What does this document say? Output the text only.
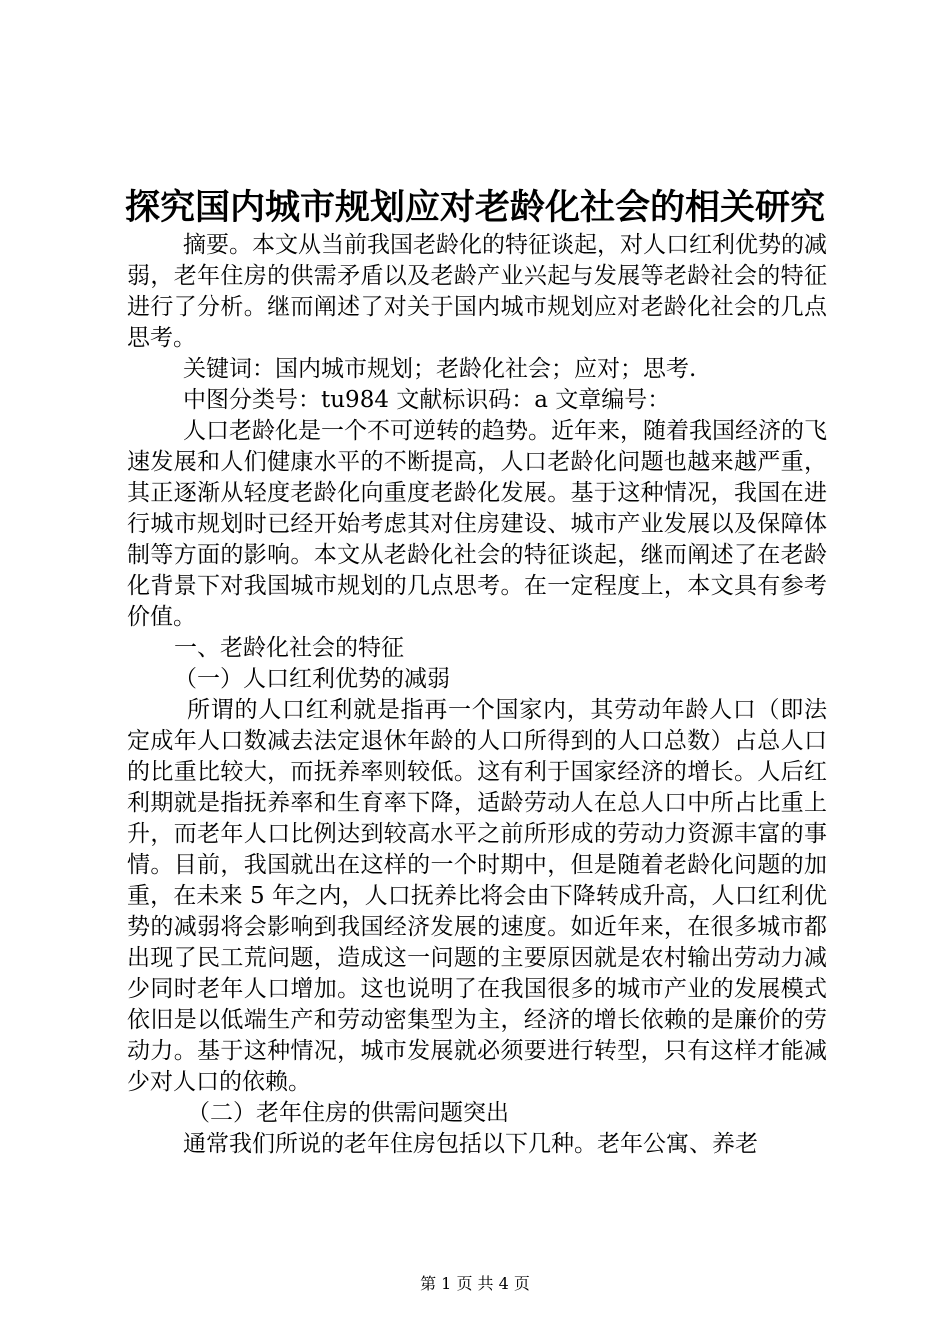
探究国内城市规划应对老龄化社会的相关研究

摘要。本文从当前我国老龄化的特征谈起，对人口红利优势的减弱，老年住房的供需矛盾以及老龄产业兴起与发展等老龄社会的特征进行了分析。继而阐述了对关于国内城市规划应对老龄化社会的几点思考。

关键词：国内城市规划；老龄化社会；应对；思考.

中图分类号：tu984 文献标识码：a 文章编号：

人口老龄化是一个不可逆转的趋势。近年来，随着我国经济的飞速发展和人们健康水平的不断提高，人口老龄化问题也越来越严重，其正逐渐从轻度老龄化向重度老龄化发展。基于这种情况，我国在进行城市规划时已经开始考虑其对住房建设、城市产业发展以及保障体制等方面的影响。本文从老龄化社会的特征谈起，继而阐述了在老龄化背景下对我国城市规划的几点思考。在一定程度上，本文具有参考价值。

一、老龄化社会的特征

（一）人口红利优势的减弱

所谓的人口红利就是指再一个国家内，其劳动年龄人口（即法定成年人口数减去法定退休年龄的人口所得到的人口总数）占总人口的比重比较大，而抚养率则较低。这有利于国家经济的增长。人后红利期就是指抚养率和生育率下降，适龄劳动人在总人口中所占比重上升，而老年人口比例达到较高水平之前所形成的劳动力资源丰富的事情。目前，我国就出在这样的一个时期中，但是随着老龄化问题的加重，在未来 5 年之内，人口抚养比将会由下降转成升高，人口红利优势的减弱将会影响到我国经济发展的速度。如近年来，在很多城市都出现了民工荒问题，造成这一问题的主要原因就是农村输出劳动力减少同时老年人口增加。这也说明了在我国很多的城市产业的发展模式依旧是以低端生产和劳动密集型为主，经济的增长依赖的是廉价的劳动力。基于这种情况，城市发展就必须要进行转型，只有这样才能减少对人口的依赖。

（二）老年住房的供需问题突出

通常我们所说的老年住房包括以下几种。老年公寓、养老

第 1 页 共 4 页
